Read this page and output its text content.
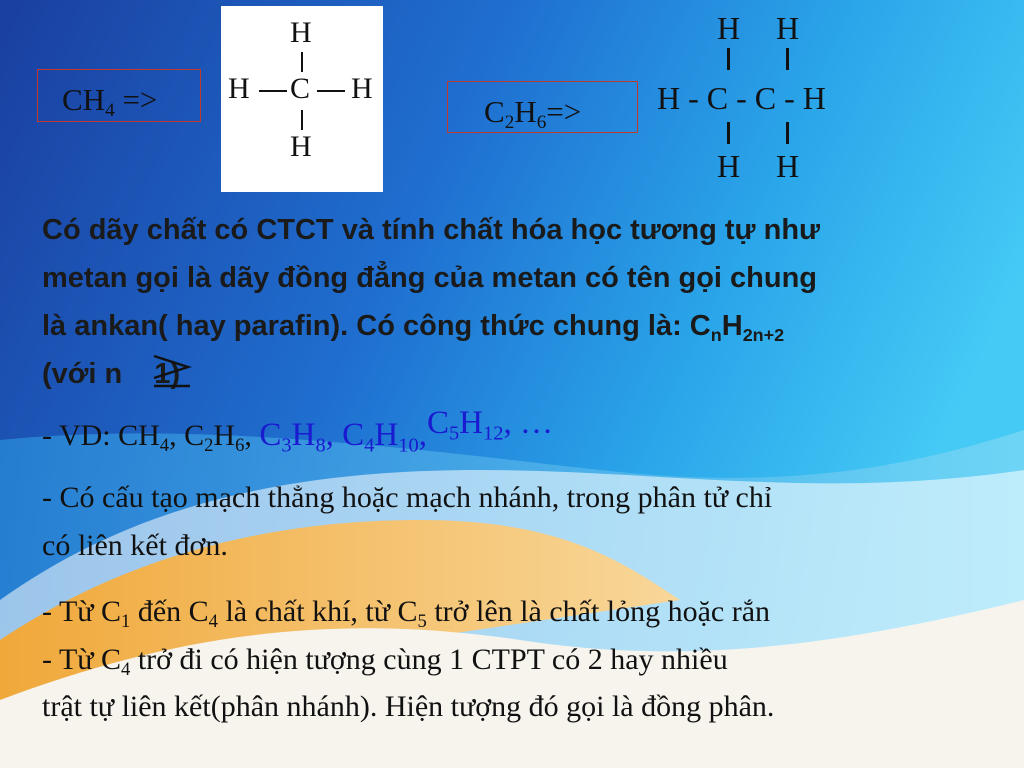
$CH_4$ =>
H
H C H
H
$C_2H_6=>$
H H
H - C - C - H
H H
Có dãy chất có CTCT và tính chất hóa học tương tự như
metan gọi là dãy đồng đẳng của metan có tên gọi chung
là ankan( hay parafin). Có công thức chung là: $C_nH_{2n+2}$
(với n 1)
- VD: $CH_4$, $C_2H_6$, $C_3H_8$, $C_4H_{10},C_5H_{12}$, …
- Có cấu tạo mạch thẳng hoặc mạch nhánh, trong phân tử chỉ
có liên kết đơn.
- Từ $C_1$ đến $C_4$ là chất khí, từ $C_5$ trở lên là chất lỏng hoặc rắn
- Từ $C_4$ trở đi có hiện tượng cùng 1 CTPT có 2 hay nhiều
trật tự liên kết(phân nhánh). Hiện tượng đó gọi là đồng phân.
